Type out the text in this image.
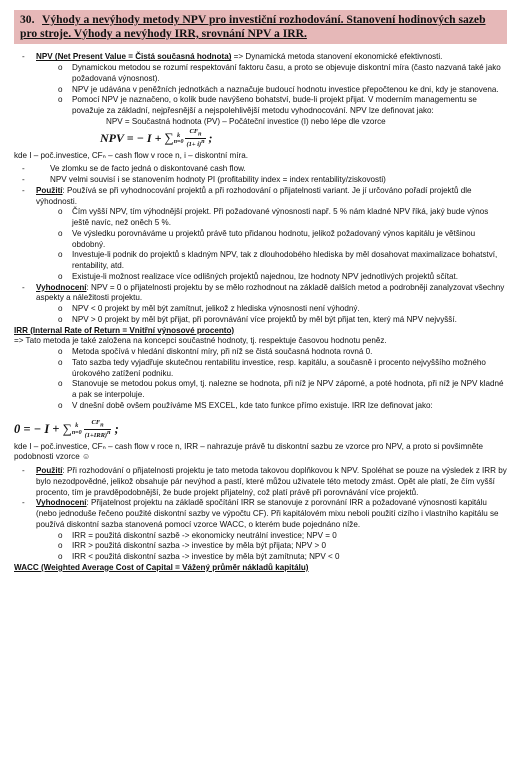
30. Výhody a nevýhody metody NPV pro investiční rozhodování. Stanovení hodinových sazeb pro stroje. Výhody a nevýhody IRR, srovnání NPV a IRR.
- NPV (Net Present Value = Čistá současná hodnota) => Dynamická metoda stanovení ekonomické efektivnosti.
o Dynamickou metodou se rozumí respektování faktoru času, a proto se objevuje diskontní míra (často nazvaná také jako požadovaná výnosnost).
o NPV je udávána v peněžních jednotkách a naznačuje budoucí hodnotu investice přepočtenou ke dni, kdy je stanovena.
o Pomocí NPV je naznačeno, o kolik bude navýšeno bohatství, bude-li projekt přijat. V moderním managementu se považuje za základní, nejpřesnější a nejspolehlivější metodu vyhodnocování. NPV lze definovat jako:
NPV = Součastná hodnota (PV) – Počáteční investice (I) nebo lépe dle vzorce
NPV = − I + ∑ k
$n=0 \frac{\text{CFn}}{(1+ i)n}$ ;
kde I – poč.investice, CFₙ – cash flow v roce n, i – diskontní míra.
-	Ve zlomku se de facto jedná o diskontované cash flow.
-	NPV velmi souvisí i se stanovením hodnoty PI (profitability index = index rentability/ziskovosti)
- Použití: Používá se při vyhodnocování projektů a při rozhodování o přijatelnosti variant. Je jí určováno pořadí projektů dle výhodnosti.
o Čím vyšší NPV, tím výhodnější projekt. Při požadované výnosnosti např. 5 % nám kladné NPV říká, jaký bude výnos ještě navíc, než oněch 5 %.
o Ve výsledku porovnáváme u projektů právě tuto přidanou hodnotu, jelikož požadovaný výnos kapitálu je většinou obdobný.
o Investuje-li podnik do projektů s kladným NPV, tak z dlouhodobého hlediska by měl dosahovat maximalizace bohatství, rentability, atd.
o Existuje-li možnost realizace více odlišných projektů najednou, lze hodnoty NPV jednotlivých projektů sčítat.
- Vyhodnocení: NPV = 0 o přijatelnosti projektu by se mělo rozhodnout na základě dalších metod a podrobněji zanalyzovat všechny aspekty a náležitosti projektu.
o NPV < 0 projekt by měl být zamítnut, jelikož z hlediska výnosnosti není výhodný.
o NPV > 0 projekt by měl být přijat, při porovnávání více projektů by měl být přijat ten, který má NPV nejvyšší.
IRR (Internal Rate of Return = Vnitřní výnosové procento)
=> Tato metoda je také založena na koncepci součastné hodnoty, tj. respektuje časovou hodnotu peněz.
o Metoda spočívá v hledání diskontní míry, při níž se čistá současná hodnota rovná 0.
o Tato sazba tedy vyjadřuje skutečnou rentabilitu investice, resp. kapitálu, a současně i procento nejvyššího možného úrokového zatížení podniku.
o Stanovuje se metodou pokus omyl, tj. nalezne se hodnota, při níž je NPV záporné, a poté hodnota, při níž je NPV kladné a pak se interpoluje.
o V dnešní době ovšem používáme MS EXCEL, kde tato funkce přímo existuje. IRR lze definovat jako:
0 = − I + ∑ k
$n=0 \frac{\text{CFn}}{\text{(1+IRR)n}}$ ;
kde I – poč.investice, CFₙ – cash flow v roce n, IRR – nahrazuje právě tu diskontní sazbu ze vzorce pro NPV, a proto si povšimněte podobnosti vzorce ☺
- Použití: Při rozhodování o přijatelnosti projektu je tato metoda takovou doplňkovou k NPV. Spoléhat se pouze na výsledek z IRR by bylo nezodpovědné, jelikož obsahuje pár nevýhod a pastí, které můžou uživatele této metody zmást. Opět ale platí, že čím vyšší procento, tím je pravděpodobnější, že bude projekt přijatelný, což platí právě při porovnávání více projektů.
- Vyhodnocení: Přijatelnost projektu na základě spočítání IRR se stanovuje z porovnání IRR a požadované výnosnosti kapitálu (nebo jednoduše řečeno použité diskontní sazby ve výpočtu CF). Při kapitálovém mixu neboli použití cizího i vlastního kapitálu se používá diskontní sazba stanovená pomocí vzorce WACC, o kterém bude pojednáno níže.
o IRR = použitá diskontní sazbě -> ekonomicky neutrální investice; NPV = 0
o IRR > použitá diskontní sazba -> investice by měla být přijata; NPV > 0
o IRR < použitá diskontní sazba -> investice by měla být zamítnuta; NPV < 0
WACC (Weighted Average Cost of Capital = Vážený průměr nákladů kapitálu)
